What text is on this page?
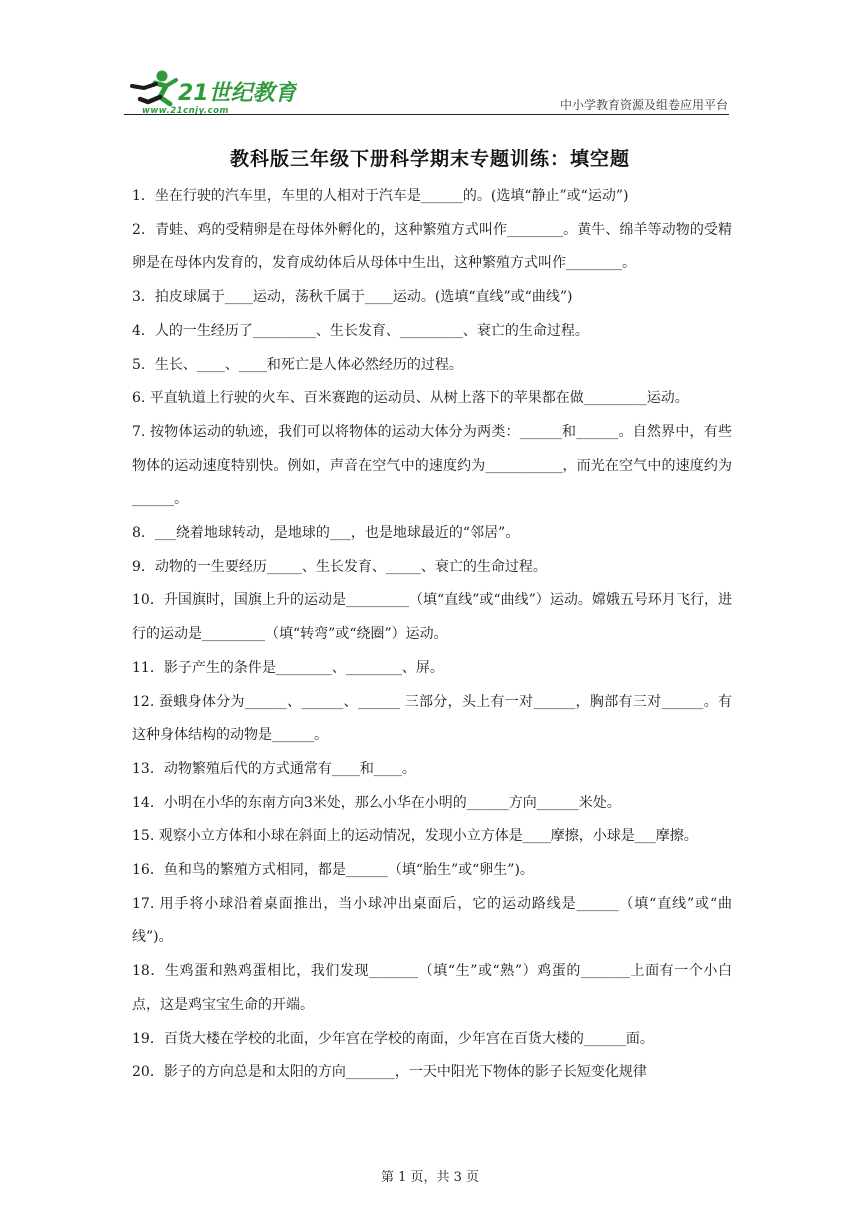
21世纪教育
www.21cnjy.com	中小学教育资源及组卷应用平台
教科版三年级下册科学期末专题训练：填空题

1．坐在行驶的汽车里，车里的人相对于汽车是______的。(选填“静止”或“运动”)

2．青蛙、鸡的受精卵是在母体外孵化的，这种繁殖方式叫作________。黄牛、绵羊等动物的受精卵是在母体内发育的，发育成幼体后从母体中生出，这种繁殖方式叫作________。

3．拍皮球属于____运动，荡秋千属于____运动。(选填“直线”或“曲线”)

4．人的一生经历了_________、生长发育、_________、衰亡的生命过程。

5．生长、____、____和死亡是人体必然经历的过程。

6. 平直轨道上行驶的火车、百米赛跑的运动员、从树上落下的苹果都在做_________运动。

7. 按物体运动的轨迹，我们可以将物体的运动大体分为两类：______和______。自然界中，有些物体的运动速度特别快。例如，声音在空气中的速度约为___________，而光在空气中的速度约为______。

8．___绕着地球转动，是地球的___，也是地球最近的“邻居”。

9．动物的一生要经历_____、生长发育、_____、衰亡的生命过程。

10．升国旗时，国旗上升的运动是_________（填“直线”或“曲线”）运动。嫦娥五号环月飞行，进行的运动是_________（填“转弯”或“绕圈”）运动。

11．影子产生的条件是________、________、屏。

12. 蚕蛾身体分为______、______、______ 三部分，头上有一对______，胸部有三对______。有这种身体结构的动物是______。

13．动物繁殖后代的方式通常有____和____。

14．小明在小华的东南方向3米处，那么小华在小明的______方向______米处。

15. 观察小立方体和小球在斜面上的运动情况，发现小立方体是____摩擦，小球是___摩擦。

16．鱼和鸟的繁殖方式相同，都是______（填“胎生”或“卵生”)。

17. 用手将小球沿着桌面推出，当小球冲出桌面后，它的运动路线是______（填“直线”或“曲线”)。

18．生鸡蛋和熟鸡蛋相比，我们发现_______（填“生”或“熟”）鸡蛋的_______上面有一个小白点，这是鸡宝宝生命的开端。

19．百货大楼在学校的北面，少年宫在学校的南面，少年宫在百货大楼的______面。

20．影子的方向总是和太阳的方向_______，一天中阳光下物体的影子长短变化规律

第 1 页，共 3 页
